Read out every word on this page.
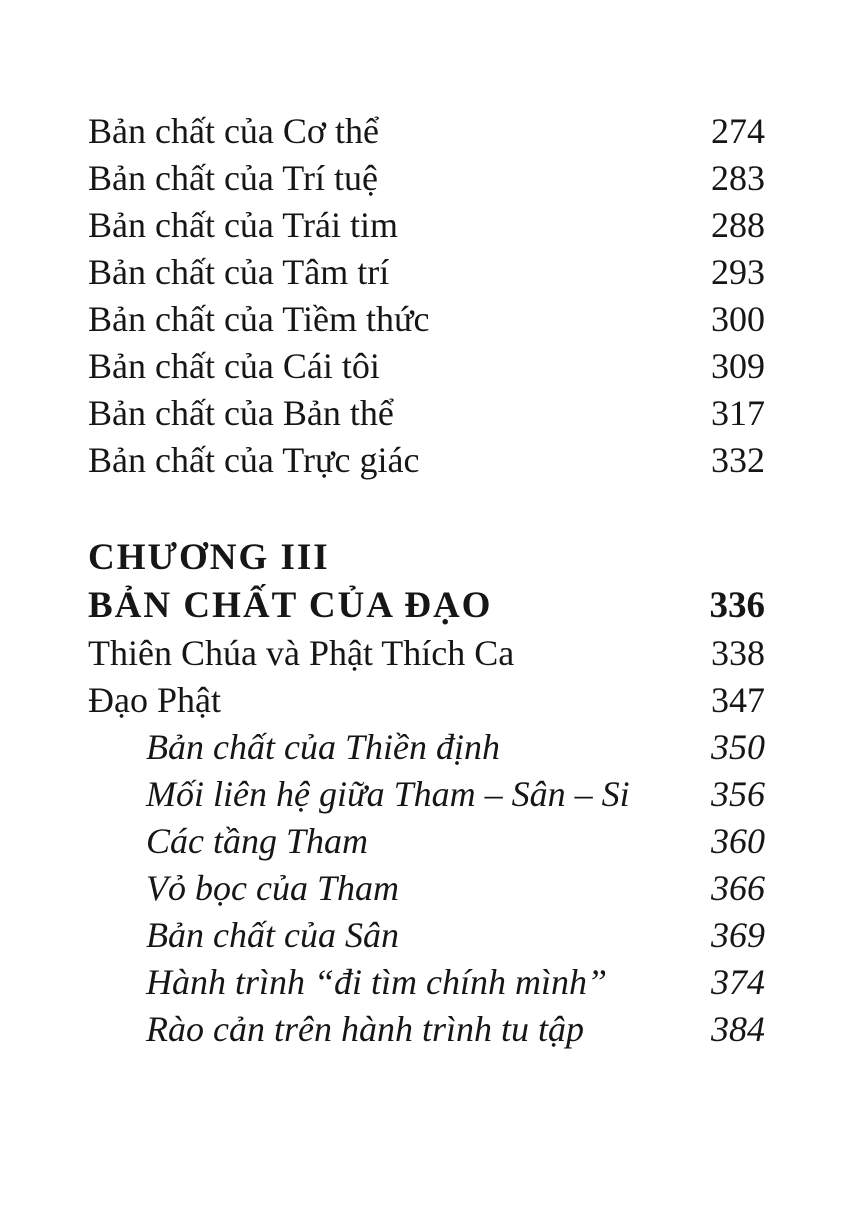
Bản chất của Cơ thể	274
Bản chất của Trí tuệ	283
Bản chất của Trái tim	288
Bản chất của Tâm trí	293
Bản chất của Tiềm thức	300
Bản chất của Cái tôi	309
Bản chất của Bản thể	317
Bản chất của Trực giác	332
CHƯƠNG III
BẢN CHẤT CỦA ĐẠO	336
Thiên Chúa và Phật Thích Ca	338
Đạo Phật	347
Bản chất của Thiền định	350
Mối liên hệ giữa Tham – Sân – Si 356
Các tầng Tham	360
Vỏ bọc của Tham	366
Bản chất của Sân	369
Hành trình “đi tìm chính mình”	374
Rào cản trên hành trình tu tập	384
